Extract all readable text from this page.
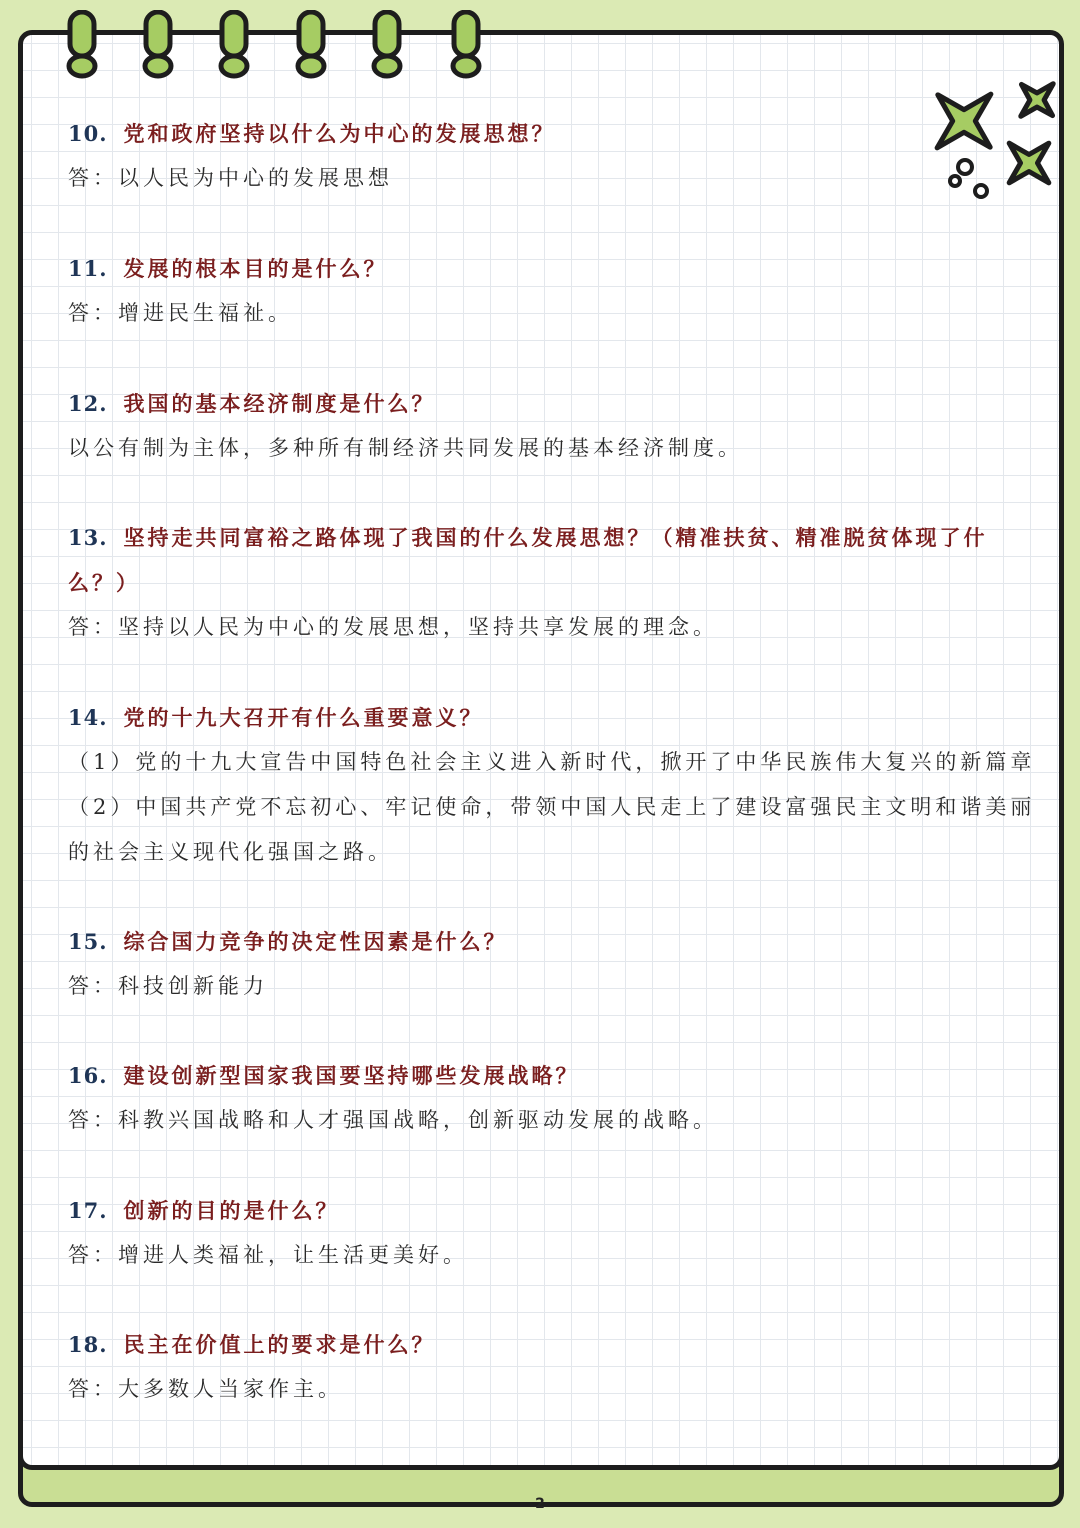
10. 党和政府坚持以什么为中心的发展思想？
答：以人民为中心的发展思想
11. 发展的根本目的是什么？
答：增进民生福祉。
12. 我国的基本经济制度是什么？
以公有制为主体，多种所有制经济共同发展的基本经济制度。
13. 坚持走共同富裕之路体现了我国的什么发展思想？（精准扶贫、精准脱贫体现了什
么？）
答：坚持以人民为中心的发展思想，坚持共享发展的理念。
14. 党的十九大召开有什么重要意义？
（1）党的十九大宣告中国特色社会主义进入新时代，掀开了中华民族伟大复兴的新篇章
（2）中国共产党不忘初心、牢记使命，带领中国人民走上了建设富强民主文明和谐美丽
的社会主义现代化强国之路。
15. 综合国力竞争的决定性因素是什么？
答：科技创新能力
16. 建设创新型国家我国要坚持哪些发展战略？
答：科教兴国战略和人才强国战略，创新驱动发展的战略。
17. 创新的目的是什么？
答：增进人类福祉，让生活更美好。
18. 民主在价值上的要求是什么？
答：大多数人当家作主。
2
